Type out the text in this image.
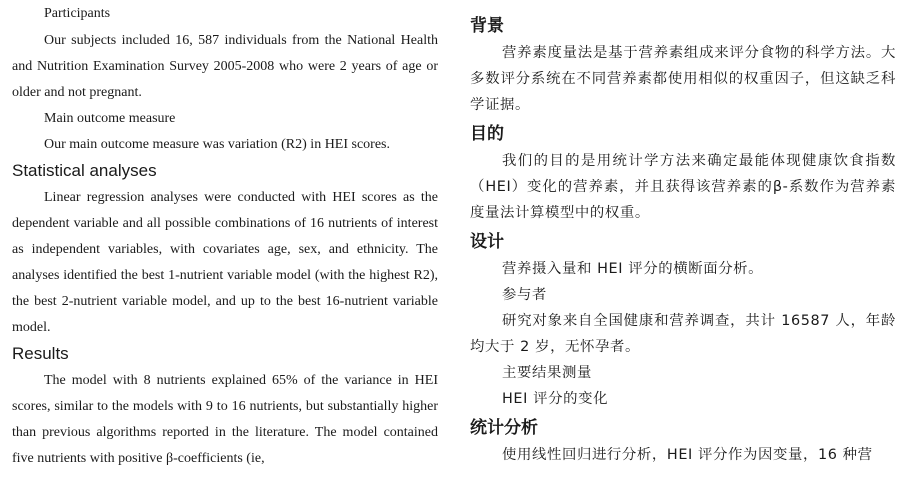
Participants

Our subjects included 16, 587 individuals from the National Health and Nutrition Examination Survey 2005-2008 who were 2 years of age or older and not pregnant.

Main outcome measure

Our main outcome measure was variation (R2) in HEI scores.

Statistical analyses

Linear regression analyses were conducted with HEI scores as the dependent variable and all possible combinations of 16 nutrients of interest as independent variables, with covariates age, sex, and ethnicity. The analyses identified the best 1-nutrient variable model (with the highest R2), the best 2-nutrient variable model, and up to the best 16-nutrient variable model.

Results

The model with 8 nutrients explained 65% of the variance in HEI scores, similar to the models with 9 to 16 nutrients, but substantially higher than previous algorithms reported in the literature. The model contained five nutrients with positive β-coefficients (ie,

背景

营养素度量法是基于营养素组成来评分食物的科学方法。大多数评分系统在不同营养素都使用相似的权重因子，但这缺乏科学证据。

目的

我们的目的是用统计学方法来确定最能体现健康饮食指数（HEI）变化的营养素，并且获得该营养素的β-系数作为营养素度量法计算模型中的权重。

设计

营养摄入量和 HEI 评分的横断面分析。

参与者

研究对象来自全国健康和营养调查，共计 16587 人，年龄均大于 2 岁，无怀孕者。

主要结果测量

HEI 评分的变化

统计分析

使用线性回归进行分析，HEI 评分作为因变量，16 种营
